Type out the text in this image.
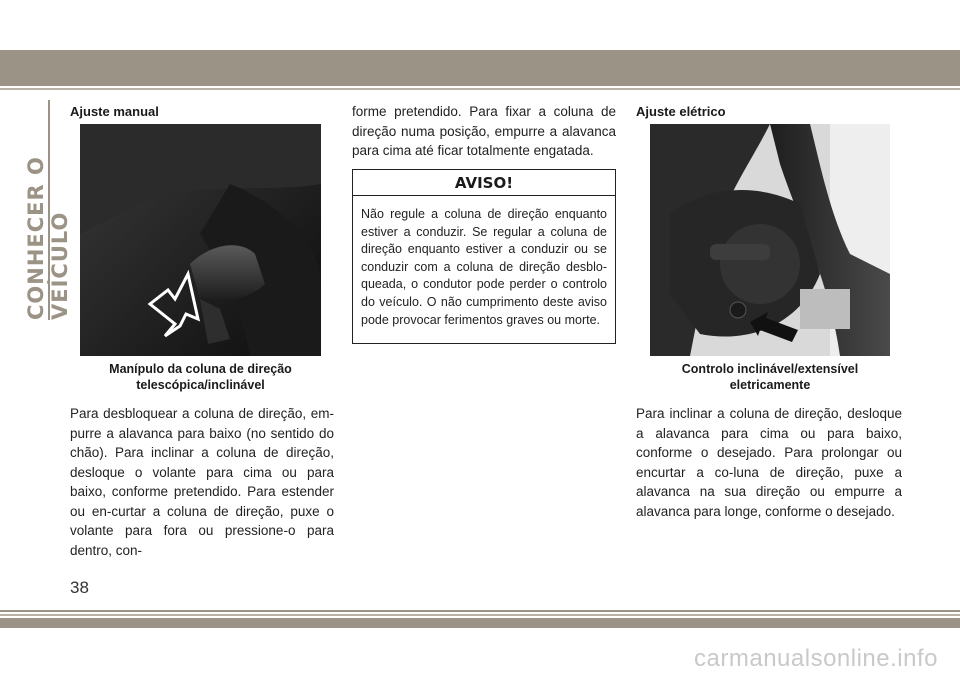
CONHECER O VEÍCULO
Ajuste manual
Manípulo da coluna de direção
telescópica/inclinável
Para desbloquear a coluna de direção, em-purre a alavanca para baixo (no sentido do chão). Para inclinar a coluna de direção, desloque o volante para cima ou para baixo, conforme pretendido. Para estender ou en-curtar a coluna de direção, puxe o volante para fora ou pressione-o para dentro, con-
forme pretendido. Para fixar a coluna de direção numa posição, empurre a alavanca para cima até ficar totalmente engatada.
AVISO!
Não regule a coluna de direção enquanto estiver a conduzir. Se regular a coluna de direção enquanto estiver a conduzir ou se conduzir com a coluna de direção desblo-queada, o condutor pode perder o controlo do veículo. O não cumprimento deste aviso pode provocar ferimentos graves ou morte.
Ajuste elétrico
Controlo inclinável/extensível
eletricamente
Para inclinar a coluna de direção, desloque a alavanca para cima ou para baixo, conforme o desejado. Para prolongar ou encurtar a co-luna de direção, puxe a alavanca na sua direção ou empurre a alavanca para longe, conforme o desejado.
38
carmanualsonline.info
